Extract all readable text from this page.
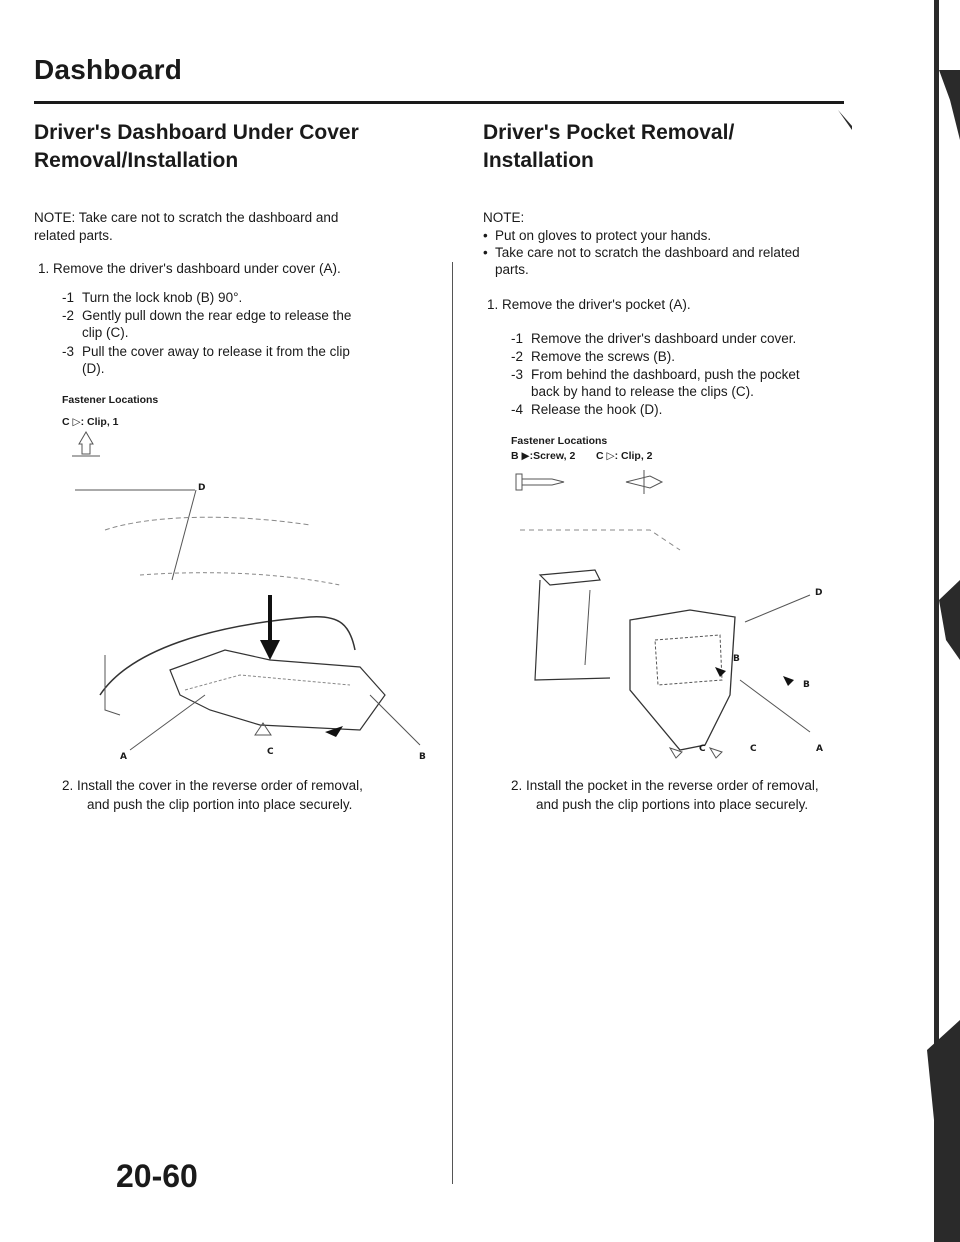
Dashboard
Driver's Dashboard Under Cover
Removal/Installation
NOTE: Take care not to scratch the dashboard and
related parts.
1. Remove the driver's dashboard under cover (A).
-1 Turn the lock knob (B) 90°.
-2 Gently pull down the rear edge to release the
clip (C).
-3 Pull the cover away to release it from the clip
(D).
Fastener Locations
C ▷: Clip, 1
D
A	C	B
2. Install the cover in the reverse order of removal,
and push the clip portion into place securely.
Driver's Pocket Removal/
Installation
NOTE:
• Put on gloves to protect your hands.
• Take care not to scratch the dashboard and related
parts.
1. Remove the driver's pocket (A).
-1 Remove the driver's dashboard under cover.
-2 Remove the screws (B).
-3 From behind the dashboard, push the pocket
back by hand to release the clips (C).
-4 Release the hook (D).
Fastener Locations
B ▶:Screw, 2 C ▷: Clip, 2
D
B
B
C	C	A
2. Install the pocket in the reverse order of removal,
and push the clip portions into place securely.
20-60
